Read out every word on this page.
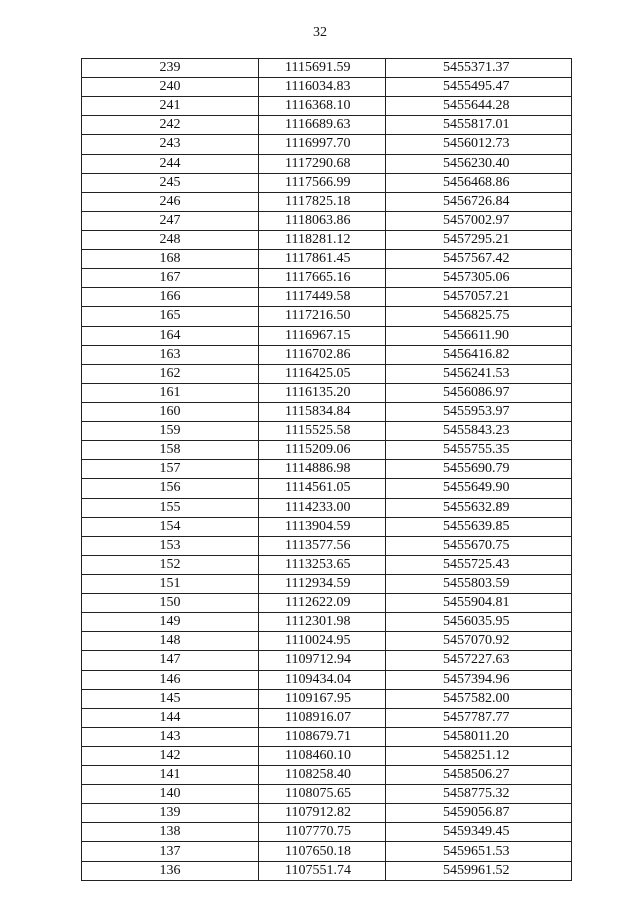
32
239	1115691.59	5455371.37
240	1116034.83	5455495.47
241	1116368.10	5455644.28
242	1116689.63	5455817.01
243	1116997.70	5456012.73
244	1117290.68	5456230.40
245	1117566.99	5456468.86
246	1117825.18	5456726.84
247	1118063.86	5457002.97
248	1118281.12	5457295.21
168	1117861.45	5457567.42
167	1117665.16	5457305.06
166	1117449.58	5457057.21
165	1117216.50	5456825.75
164	1116967.15	5456611.90
163	1116702.86	5456416.82
162	1116425.05	5456241.53
161	1116135.20	5456086.97
160	1115834.84	5455953.97
159	1115525.58	5455843.23
158	1115209.06	5455755.35
157	1114886.98	5455690.79
156	1114561.05	5455649.90
155	1114233.00	5455632.89
154	1113904.59	5455639.85
153	1113577.56	5455670.75
152	1113253.65	5455725.43
151	1112934.59	5455803.59
150	1112622.09	5455904.81
149	1112301.98	5456035.95
148	1110024.95	5457070.92
147	1109712.94	5457227.63
146	1109434.04	5457394.96
145	1109167.95	5457582.00
144	1108916.07	5457787.77
143	1108679.71	5458011.20
142	1108460.10	5458251.12
141	1108258.40	5458506.27
140	1108075.65	5458775.32
139	1107912.82	5459056.87
138	1107770.75	5459349.45
137	1107650.18	5459651.53
136	1107551.74	5459961.52
